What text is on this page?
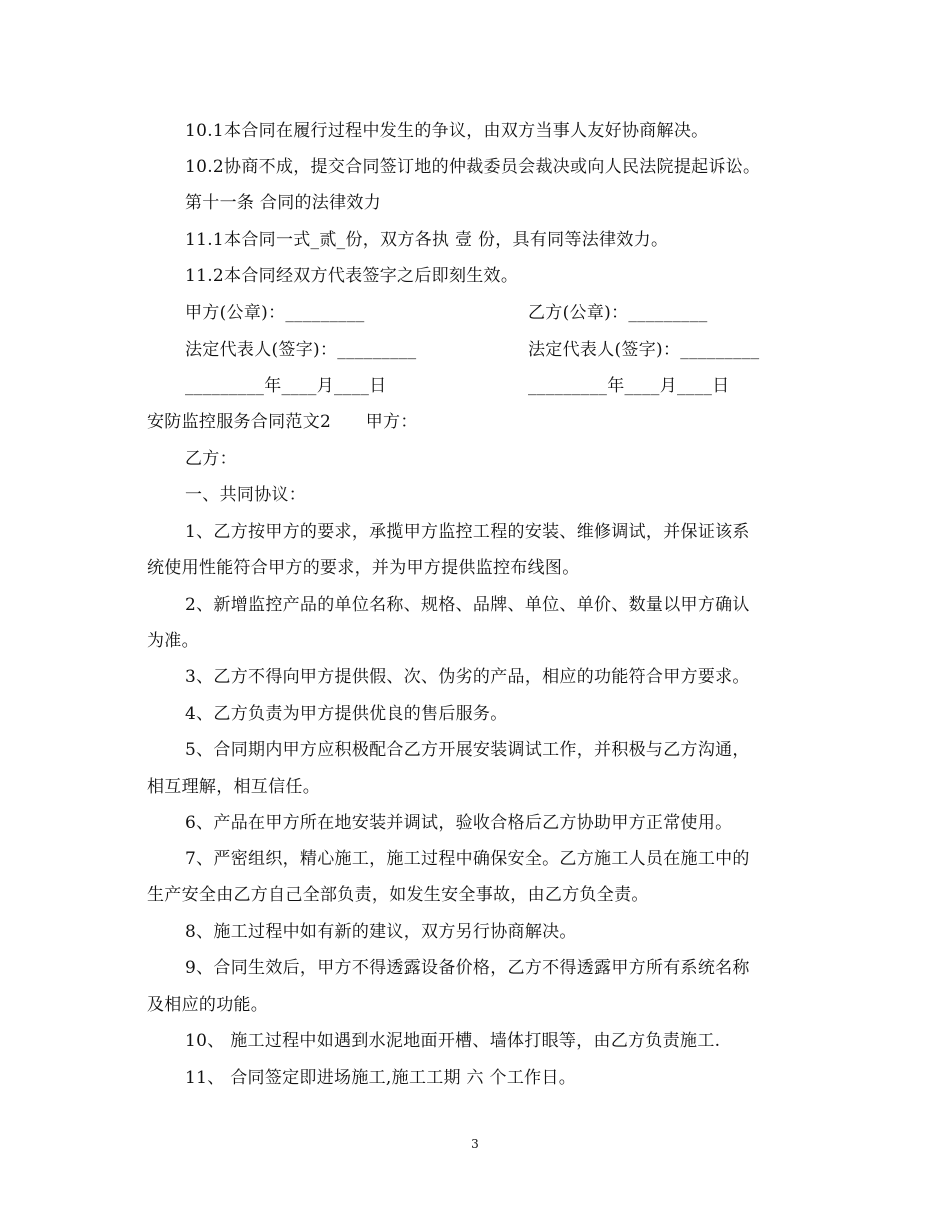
10.1本合同在履行过程中发生的争议，由双方当事人友好协商解决。
10.2协商不成，提交合同签订地的仲裁委员会裁决或向人民法院提起诉讼。
第十一条 合同的法律效力
11.1本合同一式_贰_份，双方各执 壹 份，具有同等法律效力。
11.2本合同经双方代表签字之后即刻生效。
甲方(公章)：_________	乙方(公章)：_________
法定代表人(签字)：_________	法定代表人(签字)：_________
_________年____月____日	_________年____月____日
安防监控服务合同范文2　　甲方：
乙方：
一、共同协议：
1、乙方按甲方的要求，承揽甲方监控工程的安装、维修调试，并保证该系
统使用性能符合甲方的要求，并为甲方提供监控布线图。
2、新增监控产品的单位名称、规格、品牌、单位、单价、数量以甲方确认
为准。
3、乙方不得向甲方提供假、次、伪劣的产品，相应的功能符合甲方要求。
4、乙方负责为甲方提供优良的售后服务。
5、合同期内甲方应积极配合乙方开展安装调试工作，并积极与乙方沟通，
相互理解，相互信任。
6、产品在甲方所在地安装并调试，验收合格后乙方协助甲方正常使用。
7、严密组织，精心施工，施工过程中确保安全。乙方施工人员在施工中的
生产安全由乙方自己全部负责，如发生安全事故，由乙方负全责。
8、施工过程中如有新的建议，双方另行协商解决。
9、合同生效后，甲方不得透露设备价格，乙方不得透露甲方所有系统名称
及相应的功能。
10、 施工过程中如遇到水泥地面开槽、墙体打眼等，由乙方负责施工.
11、 合同签定即进场施工,施工工期 六 个工作日。
3
